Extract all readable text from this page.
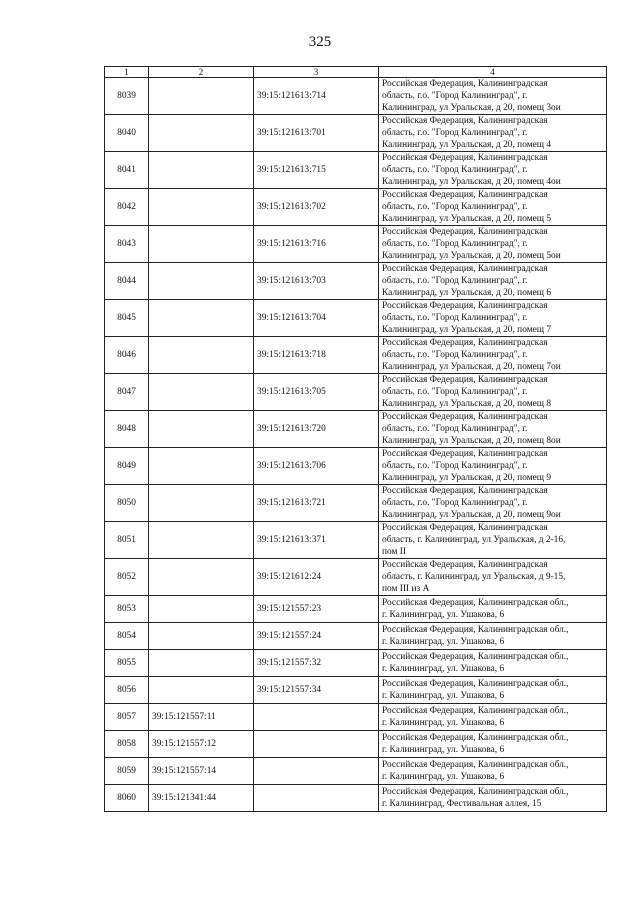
325
1	2	3	4
8039		39:15:121613:714	Российская Федерация, Калининградская
область, г.о. "Город Калининград", г.
Калининград, ул Уральская, д 20, помещ 3ои

8040		39:15:121613:701	Российская Федерация, Калининградская
область, г.о. "Город Калининград", г.
Калининград, ул Уральская, д 20, помещ 4

8041		39:15:121613:715	Российская Федерация, Калининградская
область, г.о. "Город Калининград", г.
Калининград, ул Уральская, д 20, помещ 4ои

8042		39:15:121613:702	Российская Федерация, Калининградская
область, г.о. "Город Калининград", г.
Калининград, ул Уральская, д 20, помещ 5

8043		39:15:121613:716	Российская Федерация, Калининградская
область, г.о. "Город Калининград", г.
Калининград, ул Уральская, д 20, помещ 5ои

8044		39:15:121613:703	Российская Федерация, Калининградская
область, г.о. "Город Калининград", г.
Калининград, ул Уральская, д 20, помещ 6

8045		39:15:121613:704	Российская Федерация, Калининградская
область, г.о. "Город Калининград", г.
Калининград, ул Уральская, д 20, помещ 7

8046		39:15:121613:718	Российская Федерация, Калининградская
область, г.о. "Город Калининград", г.
Калининград, ул Уральская, д 20, помещ 7ои

8047		39:15:121613:705	Российская Федерация, Калининградская
область, г.о. "Город Калининград", г.
Калининград, ул Уральская, д 20, помещ 8

8048		39:15:121613:720	Российская Федерация, Калининградская
область, г.о. "Город Калининград", г.
Калининград, ул Уральская, д 20, помещ 8ои

8049		39:15:121613:706	Российская Федерация, Калининградская
область, г.о. "Город Калининград", г.
Калининград, ул Уральская, д 20, помещ 9

8050		39:15:121613:721	Российская Федерация, Калининградская
область, г.о. "Город Калининград", г.
Калининград, ул Уральская, д 20, помещ 9ои

8051		39:15:121613:371	Российская Федерация, Калининградская
область, г. Калининград, ул Уральская, д 2-16,
пом II

8052		39:15:121612:24	Российская Федерация, Калининградская
область, г. Калининград, ул Уральская, д 9-15,
пом III из А

8053		39:15:121557:23	Российская Федерация, Калининградская обл.,
г. Калининград, ул. Ушакова, 6

8054		39:15:121557:24	Российская Федерация, Калининградская обл.,
г. Калининград, ул. Ушакова, 6

8055		39:15:121557:32	Российская Федерация, Калининградская обл.,
г. Калининград, ул. Ушакова, 6

8056		39:15:121557:34	Российская Федерация, Калининградская обл.,
г. Калининград, ул. Ушакова, 6

8057	39:15:121557:11		Российская Федерация, Калининградская обл.,
г. Калининград, ул. Ушакова, 6

8058	39:15:121557:12		Российская Федерация, Калининградская обл.,
г. Калининград, ул. Ушакова, 6

8059	39:15:121557:14		Российская Федерация, Калининградская обл.,
г. Калининград, ул. Ушакова, 6

8060	39:15:121341:44		Российская Федерация, Калининградская обл.,
г. Калининград, Фестивальная аллея, 15
